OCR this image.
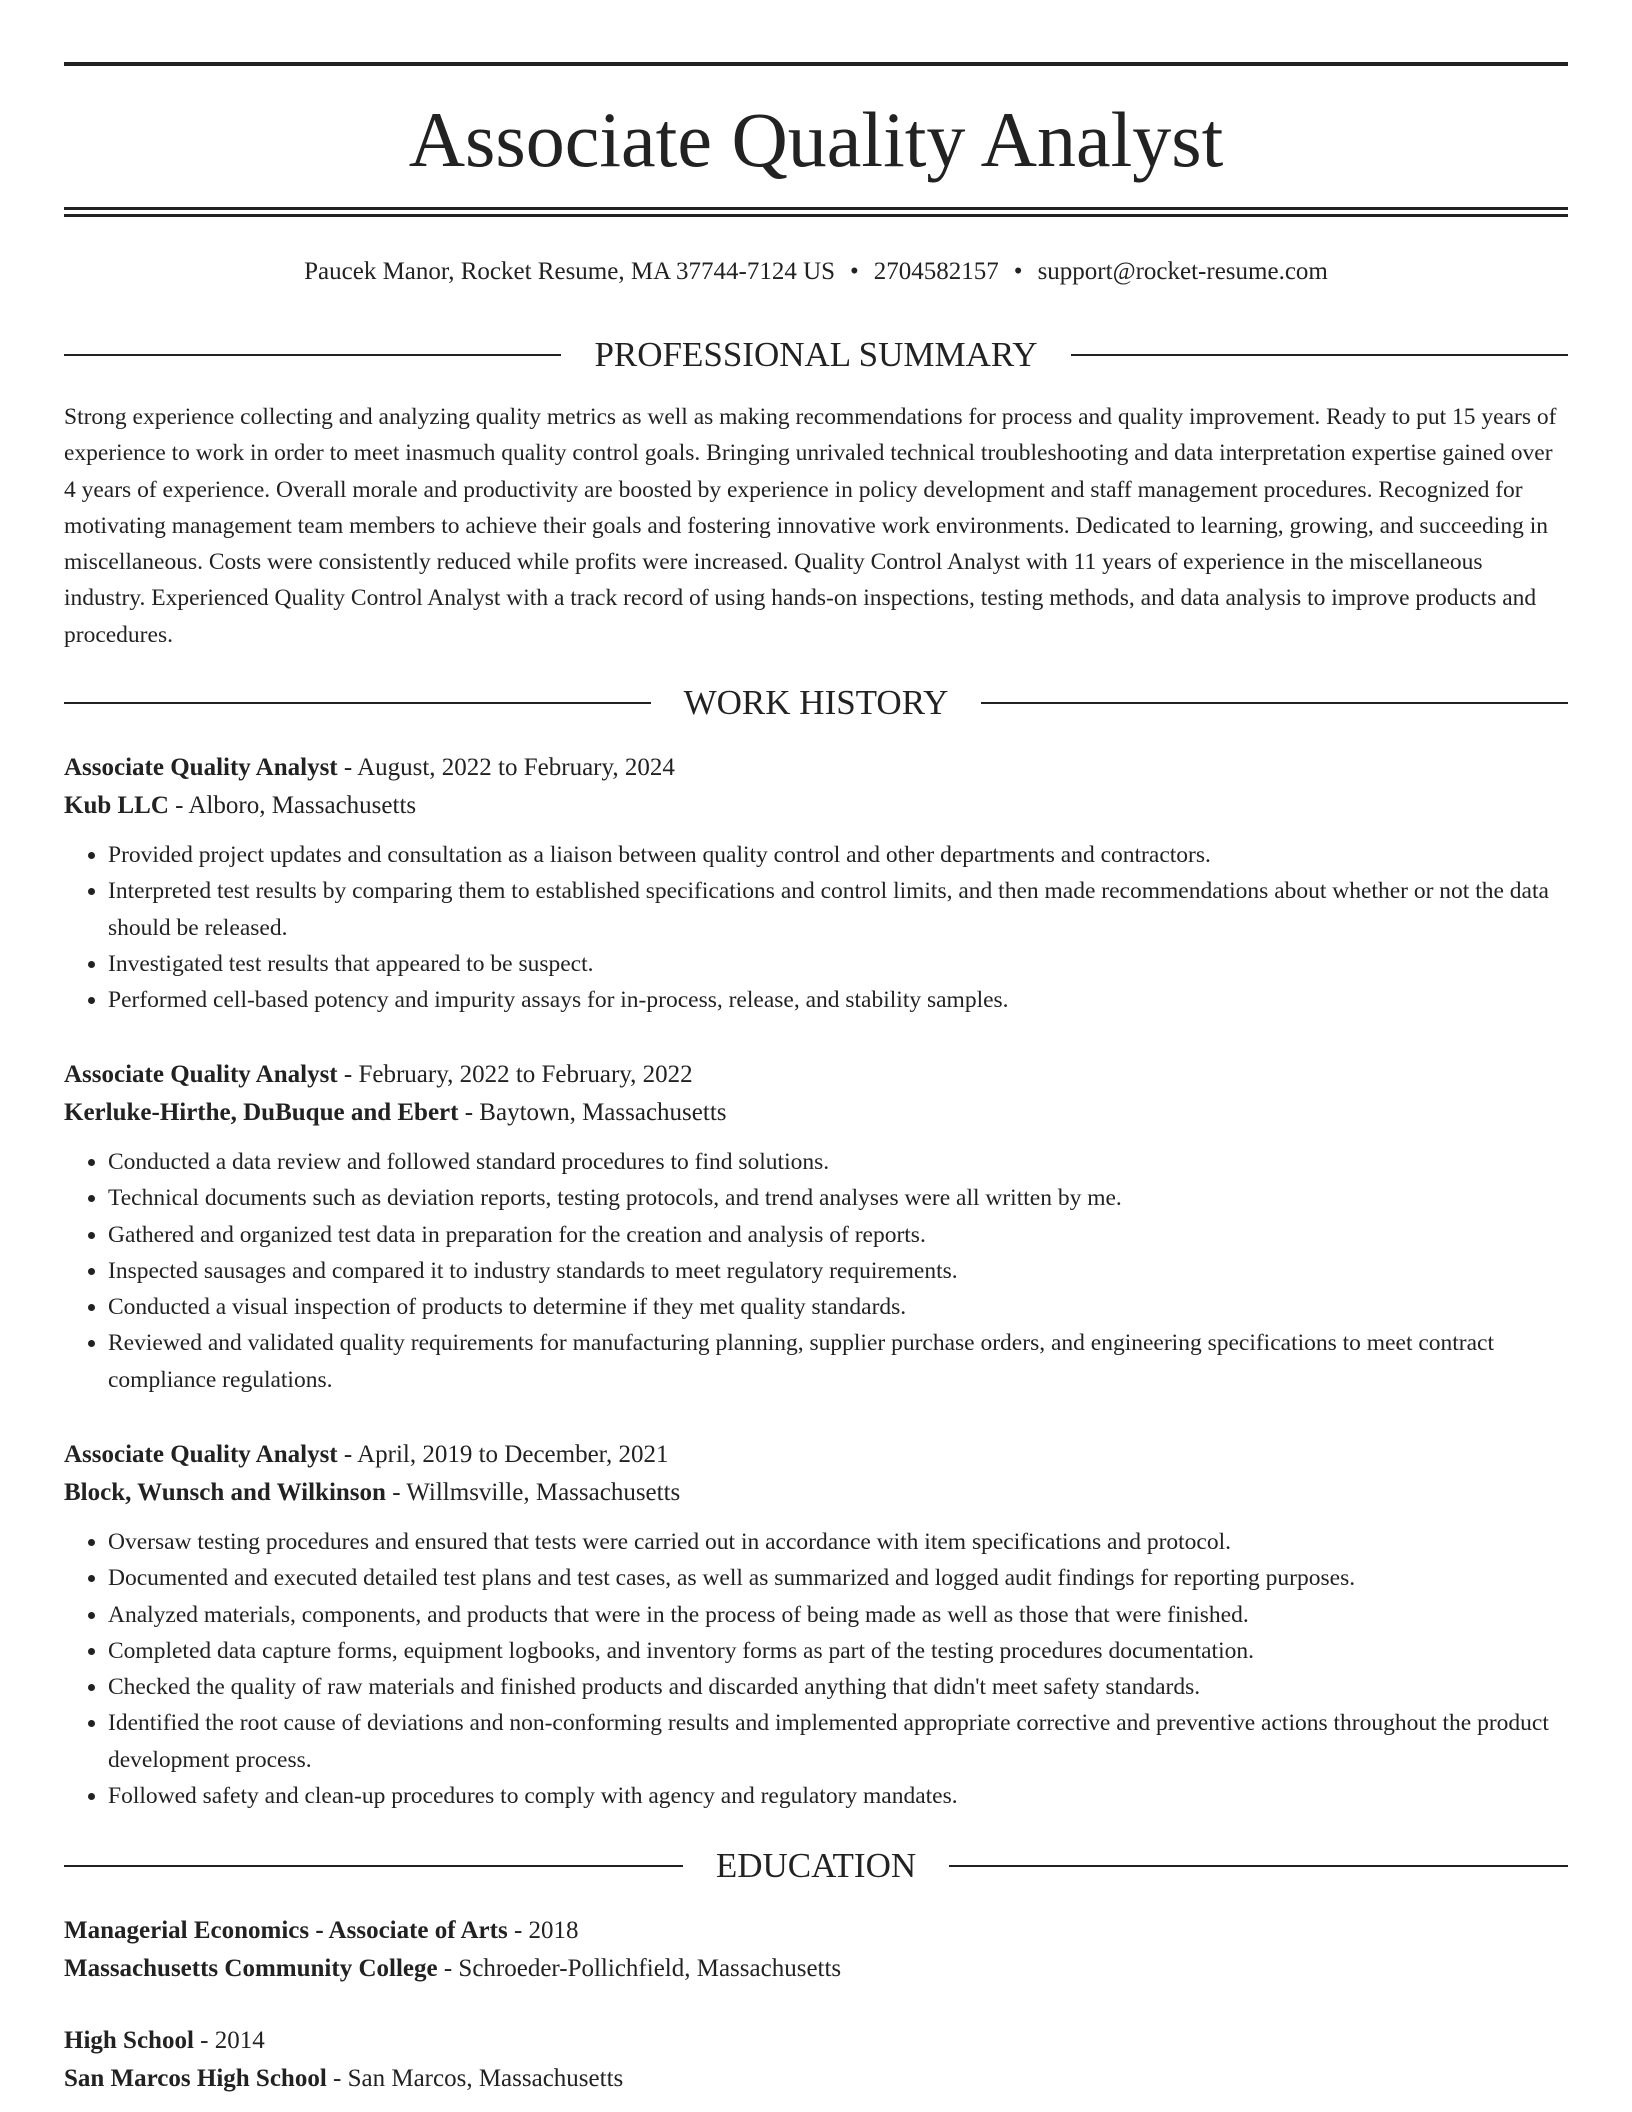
Associate Quality Analyst
Paucek Manor, Rocket Resume, MA 37744-7124 US • 2704582157 • support@rocket-resume.com
PROFESSIONAL SUMMARY

Strong experience collecting and analyzing quality metrics as well as making recommendations for process and quality improvement. Ready to put 15 years of experience to work in order to meet inasmuch quality control goals. Bringing unrivaled technical troubleshooting and data interpretation expertise gained over 4 years of experience. Overall morale and productivity are boosted by experience in policy development and staff management procedures. Recognized for motivating management team members to achieve their goals and fostering innovative work environments. Dedicated to learning, growing, and succeeding in miscellaneous. Costs were consistently reduced while profits were increased. Quality Control Analyst with 11 years of experience in the miscellaneous industry. Experienced Quality Control Analyst with a track record of using hands-on inspections, testing methods, and data analysis to improve products and procedures.

WORK HISTORY
Associate Quality Analyst - August, 2022 to February, 2024
Kub LLC - Alboro, Massachusetts
• Provided project updates and consultation as a liaison between quality control and other departments and contractors.
• Interpreted test results by comparing them to established specifications and control limits, and then made recommendations about whether or not the data should be released.
• Investigated test results that appeared to be suspect.
• Performed cell-based potency and impurity assays for in-process, release, and stability samples.
Associate Quality Analyst - February, 2022 to February, 2022
Kerluke-Hirthe, DuBuque and Ebert - Baytown, Massachusetts
• Conducted a data review and followed standard procedures to find solutions.
• Technical documents such as deviation reports, testing protocols, and trend analyses were all written by me.
• Gathered and organized test data in preparation for the creation and analysis of reports.
• Inspected sausages and compared it to industry standards to meet regulatory requirements.
• Conducted a visual inspection of products to determine if they met quality standards.
• Reviewed and validated quality requirements for manufacturing planning, supplier purchase orders, and engineering specifications to meet contract compliance regulations.
Associate Quality Analyst - April, 2019 to December, 2021
Block, Wunsch and Wilkinson - Willmsville, Massachusetts
• Oversaw testing procedures and ensured that tests were carried out in accordance with item specifications and protocol.
• Documented and executed detailed test plans and test cases, as well as summarized and logged audit findings for reporting purposes.
• Analyzed materials, components, and products that were in the process of being made as well as those that were finished.
• Completed data capture forms, equipment logbooks, and inventory forms as part of the testing procedures documentation.
• Checked the quality of raw materials and finished products and discarded anything that didn't meet safety standards.
• Identified the root cause of deviations and non-conforming results and implemented appropriate corrective and preventive actions throughout the product development process.
• Followed safety and clean-up procedures to comply with agency and regulatory mandates.
EDUCATION
Managerial Economics - Associate of Arts - 2018
Massachusetts Community College - Schroeder-Pollichfield, Massachusetts
High School - 2014
San Marcos High School - San Marcos, Massachusetts
